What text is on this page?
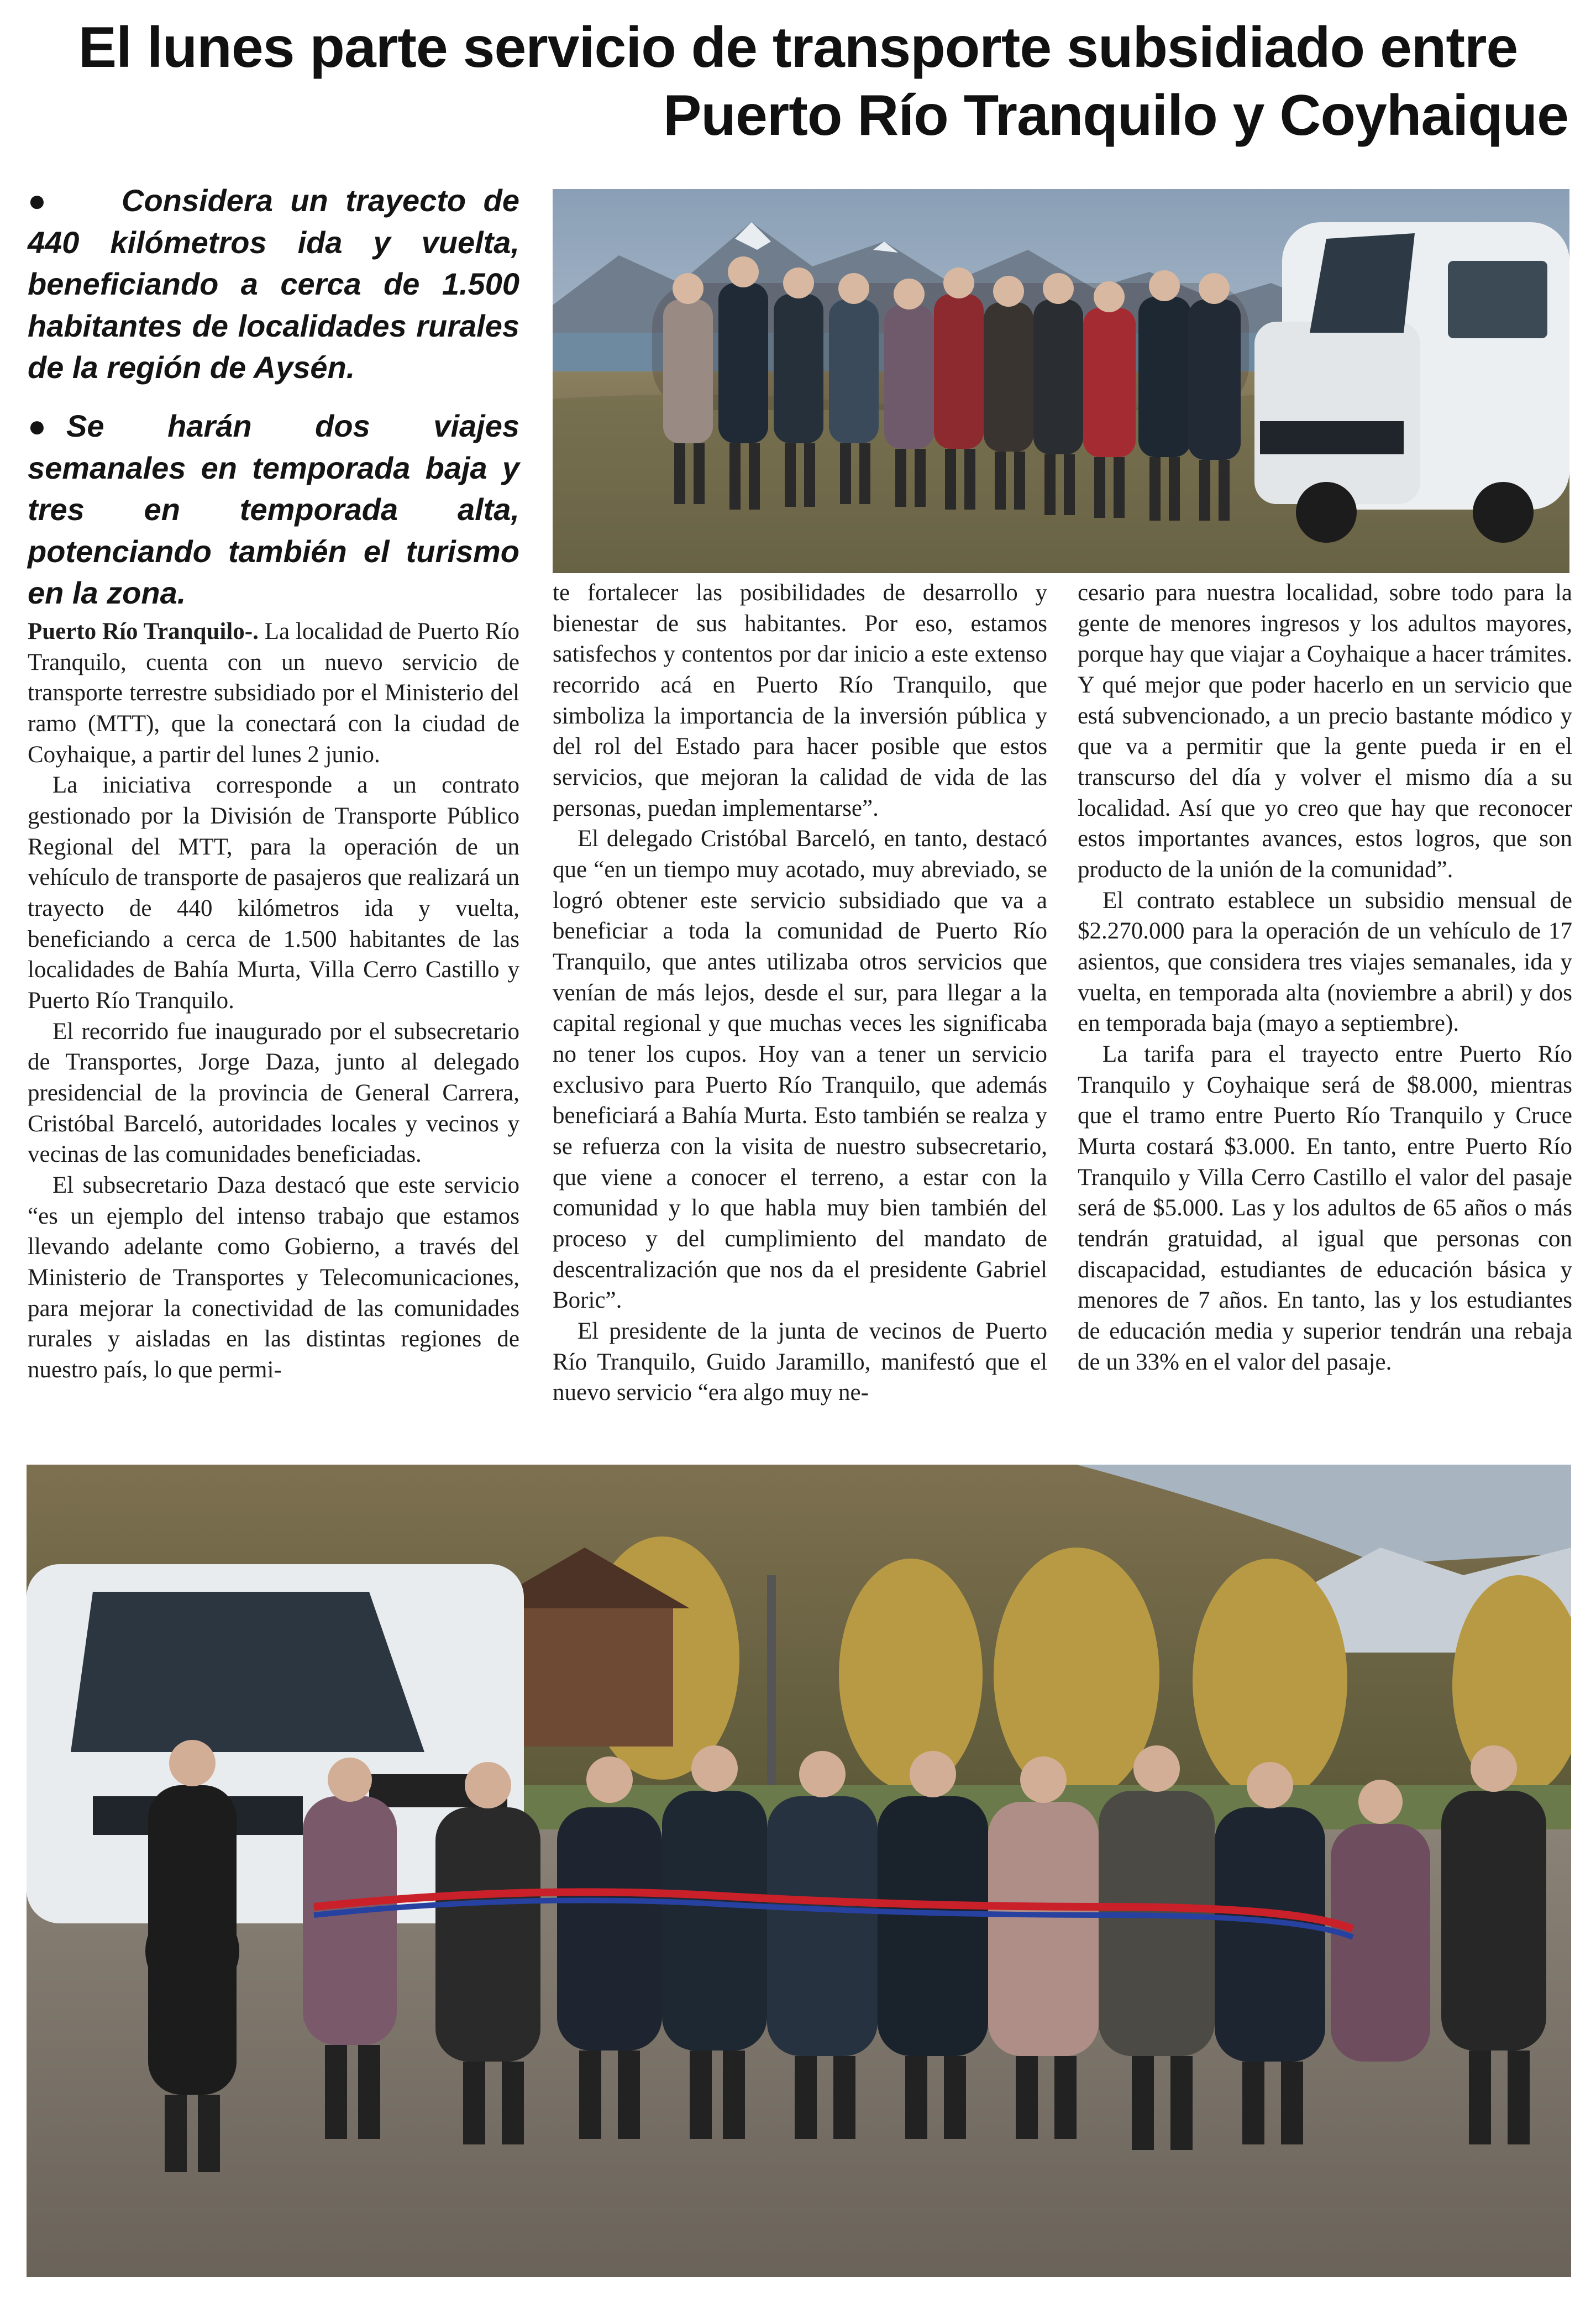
El lunes parte servicio de transporte subsidiado entre
Puerto Río Tranquilo y Coyhaique

● Considera un trayecto de 440 kilómetros ida y vuelta, beneficiando a cerca de 1.500 habitantes de localidades rurales de la región de Aysén.

● Se harán dos viajes semanales en temporada baja y tres en temporada alta, potenciando también el turismo en la zona.

Puerto Río Tranquilo-. La localidad de Puerto Río Tranquilo, cuenta con un nuevo servicio de transporte terrestre subsidiado por el Ministerio del ramo (MTT), que la conectará con la ciudad de Coyhaique, a partir del lunes 2 junio.

La iniciativa corresponde a un contrato gestionado por la División de Transporte Público Regional del MTT, para la operación de un vehículo de transporte de pasajeros que realizará un trayecto de 440 kilómetros ida y vuelta, beneficiando a cerca de 1.500 habitantes de las localidades de Bahía Murta, Villa Cerro Castillo y Puerto Río Tranquilo.

El recorrido fue inaugurado por el subsecretario de Transportes, Jorge Daza, junto al delegado presidencial de la provincia de General Carrera, Cristóbal Barceló, autoridades locales y vecinos y vecinas de las comunidades beneficiadas.

El subsecretario Daza destacó que este servicio “es un ejemplo del intenso trabajo que estamos llevando adelante como Gobierno, a través del Ministerio de Transportes y Telecomunicaciones, para mejorar la conectividad de las comunidades rurales y aisladas en las distintas regiones de nuestro país, lo que permi-

te fortalecer las posibilidades de desarrollo y bienestar de sus habitantes. Por eso, estamos satisfechos y contentos por dar inicio a este extenso recorrido acá en Puerto Río Tranquilo, que simboliza la importancia de la inversión pública y del rol del Estado para hacer posible que estos servicios, que mejoran la calidad de vida de las personas, puedan implementarse”.

El delegado Cristóbal Barceló, en tanto, destacó que “en un tiempo muy acotado, muy abreviado, se logró obtener este servicio subsidiado que va a beneficiar a toda la comunidad de Puerto Río Tranquilo, que antes utilizaba otros servicios que venían de más lejos, desde el sur, para llegar a la capital regional y que muchas veces les significaba no tener los cupos. Hoy van a tener un servicio exclusivo para Puerto Río Tranquilo, que además beneficiará a Bahía Murta. Esto también se realza y se refuerza con la visita de nuestro subsecretario, que viene a conocer el terreno, a estar con la comunidad y lo que habla muy bien también del proceso y del cumplimiento del mandato de descentralización que nos da el presidente Gabriel Boric”.

El presidente de la junta de vecinos de Puerto Río Tranquilo, Guido Jaramillo, manifestó que el nuevo servicio “era algo muy ne-

cesario para nuestra localidad, sobre todo para la gente de menores ingresos y los adultos mayores, porque hay que viajar a Coyhaique a hacer trámites. Y qué mejor que poder hacerlo en un servicio que está subvencionado, a un precio bastante módico y que va a permitir que la gente pueda ir en el transcurso del día y volver el mismo día a su localidad. Así que yo creo que hay que reconocer estos importantes avances, estos logros, que son producto de la unión de la comunidad”.

El contrato establece un subsidio mensual de $2.270.000 para la operación de un vehículo de 17 asientos, que considera tres viajes semanales, ida y vuelta, en temporada alta (noviembre a abril) y dos en temporada baja (mayo a septiembre).

La tarifa para el trayecto entre Puerto Río Tranquilo y Coyhaique será de $8.000, mientras que el tramo entre Puerto Río Tranquilo y Cruce Murta costará $3.000. En tanto, entre Puerto Río Tranquilo y Villa Cerro Castillo el valor del pasaje será de $5.000. Las y los adultos de 65 años o más tendrán gratuidad, al igual que personas con discapacidad, estudiantes de educación básica y menores de 7 años. En tanto, las y los estudiantes de educación media y superior tendrán una rebaja de un 33% en el valor del pasaje.
